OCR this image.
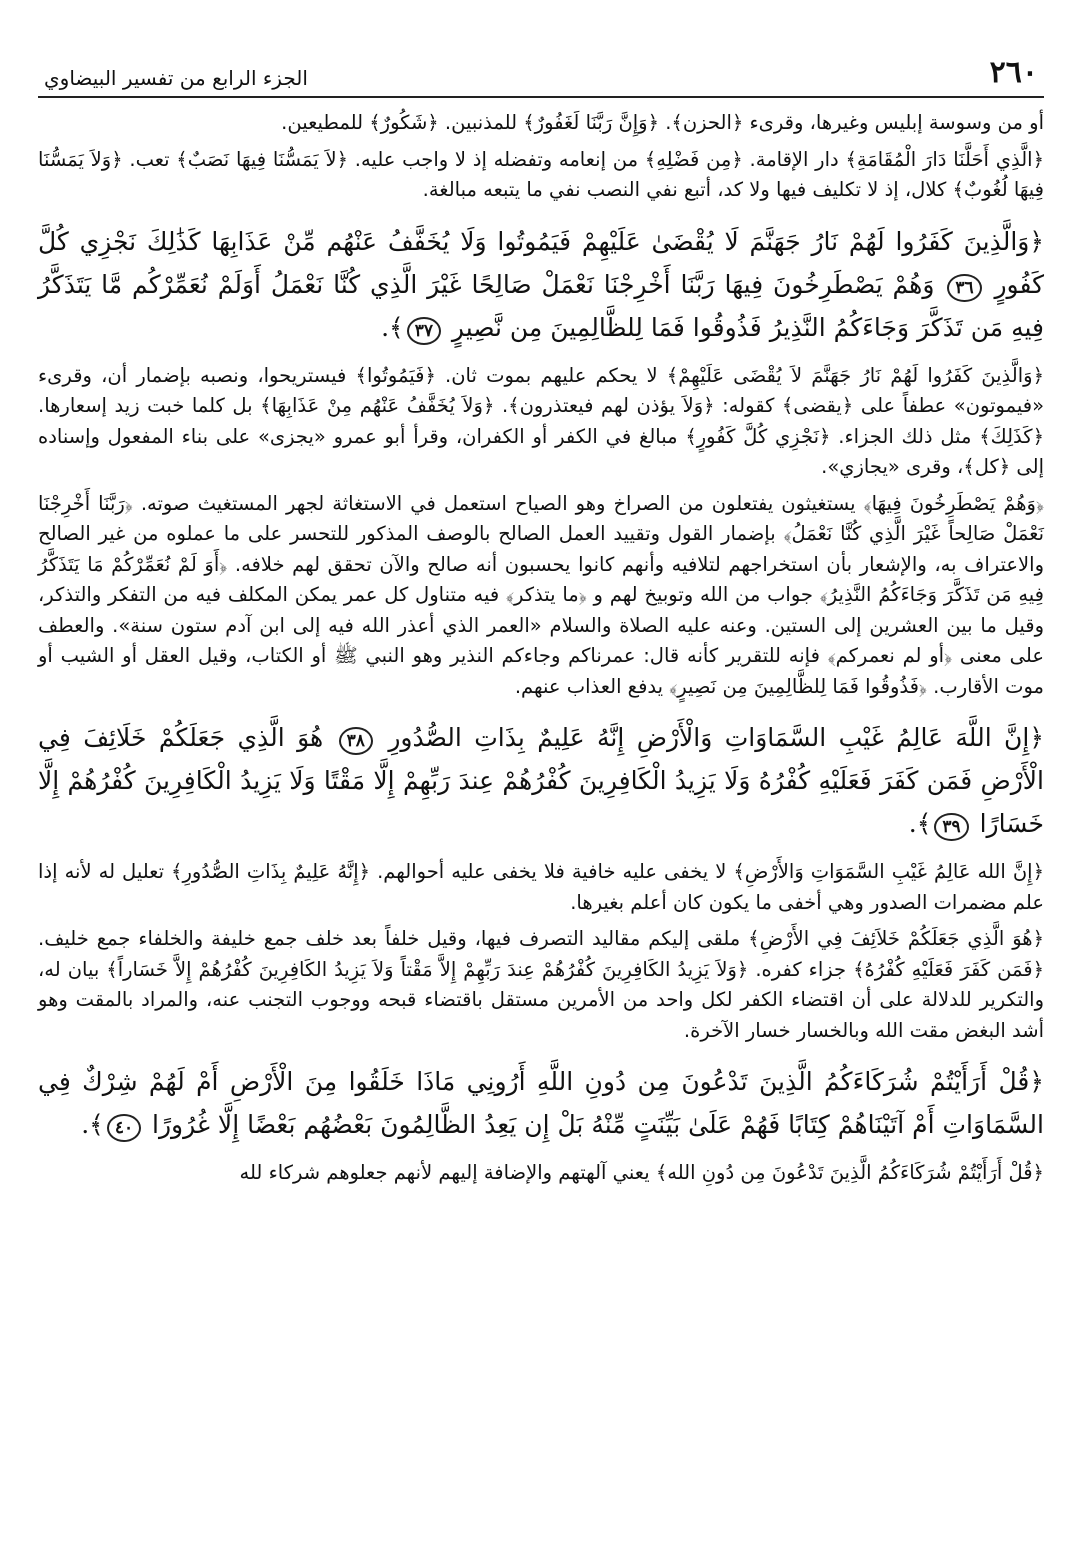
٢٦٠
الجزء الرابع من تفسير البيضاوي

أو من وسوسة إبليس وغيرها، وقرىء ﴿الحزن﴾. ﴿وَإِنَّ رَبَّنَا لَغَفُورٌ﴾ للمذنبين. ﴿شَكُورٌ﴾ للمطيعين.

﴿الَّذِي أَحَلَّنَا دَارَ الْمُقَامَةِ﴾ دار الإقامة. ﴿مِن فَضْلِهِ﴾ من إنعامه وتفضله إذ لا واجب عليه. ﴿لاَ يَمَسُّنَا فِيهَا نَصَبٌ﴾ تعب. ﴿وَلاَ يَمَسُّنَا فِيهَا لُغُوبٌ﴾ كلال، إذ لا تكليف فيها ولا كد، أتبع نفي النصب نفي ما يتبعه مبالغة.

﴿وَالَّذِينَ كَفَرُوا لَهُمْ نَارُ جَهَنَّمَ لَا يُقْضَىٰ عَلَيْهِمْ فَيَمُوتُوا وَلَا يُخَفَّفُ عَنْهُم مِّنْ عَذَابِهَا كَذَٰلِكَ نَجْزِي كُلَّ كَفُورٍ ٣٦ وَهُمْ يَصْطَرِخُونَ فِيهَا رَبَّنَا أَخْرِجْنَا نَعْمَلْ صَالِحًا غَيْرَ الَّذِي كُنَّا نَعْمَلُ أَوَلَمْ نُعَمِّرْكُم مَّا يَتَذَكَّرُ فِيهِ مَن تَذَكَّرَ وَجَاءَكُمُ النَّذِيرُ فَذُوقُوا فَمَا لِلظَّالِمِينَ مِن نَّصِيرٍ ٣٧﴾.

﴿وَالَّذِينَ كَفَرُوا لَهُمْ نَارُ جَهَنَّمَ لاَ يُقْضَى عَلَيْهِمْ﴾ لا يحكم عليهم بموت ثان. ﴿فَيَمُوتُوا﴾ فيستريحوا، ونصبه بإضمار أن، وقرىء «فيموتون» عطفاً على ﴿يقضى﴾ كقوله: ﴿وَلاَ يؤذن لهم فيعتذرون﴾. ﴿وَلاَ يُخَفَّفُ عَنْهُم مِنْ عَذَابِهَا﴾ بل كلما خبت زيد إسعارها. ﴿كَذَلِكَ﴾ مثل ذلك الجزاء. ﴿نَجْزِي كُلَّ كَفُورٍ﴾ مبالغ في الكفر أو الكفران، وقرأ أبو عمرو «يجزى» على بناء المفعول وإسناده إلى ﴿كل﴾، وقرى «يجازي».

﴿وَهُمْ يَصْطَرِخُونَ فِيهَا﴾ يستغيثون يفتعلون من الصراخ وهو الصياح استعمل في الاستغاثة لجهر المستغيث صوته. ﴿رَبَّنَا أَخْرِجْنَا نَعْمَلْ صَالِحاً غَيْرَ الَّذِي كُنَّا نَعْمَلُ﴾ بإضمار القول وتقييد العمل الصالح بالوصف المذكور للتحسر على ما عملوه من غير الصالح والاعتراف به، والإشعار بأن استخراجهم لتلافيه وأنهم كانوا يحسبون أنه صالح والآن تحقق لهم خلافه. ﴿أَوَ لَمْ نُعَمِّرْكُمْ مَا يَتَذَكَّرُ فِيهِ مَن تَذَكَّرَ وَجَاءَكُمُ النَّذِيرُ﴾ جواب من الله وتوبيخ لهم و ﴿ما يتذكر﴾ فيه متناول كل عمر يمكن المكلف فيه من التفكر والتذكر، وقيل ما بين العشرين إلى الستين. وعنه عليه الصلاة والسلام «العمر الذي أعذر الله فيه إلى ابن آدم ستون سنة». والعطف على معنى ﴿أو لم نعمركم﴾ فإنه للتقرير كأنه قال: عمرناكم وجاءكم النذير وهو النبي ﷺ أو الكتاب، وقيل العقل أو الشيب أو موت الأقارب. ﴿فَذُوقُوا فَمَا لِلظَّالِمِينَ مِن نَصِيرٍ﴾ يدفع العذاب عنهم.

﴿إِنَّ اللَّهَ عَالِمُ غَيْبِ السَّمَاوَاتِ وَالْأَرْضِ إِنَّهُ عَلِيمٌ بِذَاتِ الصُّدُورِ ٣٨ هُوَ الَّذِي جَعَلَكُمْ خَلَائِفَ فِي الْأَرْضِ فَمَن كَفَرَ فَعَلَيْهِ كُفْرُهُ وَلَا يَزِيدُ الْكَافِرِينَ كُفْرُهُمْ عِندَ رَبِّهِمْ إِلَّا مَقْتًا وَلَا يَزِيدُ الْكَافِرِينَ كُفْرُهُمْ إِلَّا خَسَارًا ٣٩﴾.

﴿إِنَّ الله عَالِمُ غَيْبِ السَّمَوَاتِ وَالأَرْضِ﴾ لا يخفى عليه خافية فلا يخفى عليه أحوالهم. ﴿إِنَّهُ عَلِيمٌ بِذَاتِ الصُّدُورِ﴾ تعليل له لأنه إذا علم مضمرات الصدور وهي أخفى ما يكون كان أعلم بغيرها.

﴿هُوَ الَّذِي جَعَلَكُمْ خَلاَئِفَ فِي الأَرْضِ﴾ ملقى إليكم مقاليد التصرف فيها، وقيل خلفاً بعد خلف جمع خليفة والخلفاء جمع خليف. ﴿فَمَن كَفَرَ فَعَلَيْهِ كُفْرُهُ﴾ جزاء كفره. ﴿وَلاَ يَزِيدُ الكَافِرِينَ كُفْرُهُمْ عِندَ رَبِّهِمْ إِلاَّ مَقْتاً وَلاَ يَزِيدُ الكَافِرِينَ كُفْرُهُمْ إِلاَّ خَسَاراً﴾ بيان له، والتكرير للدلالة على أن اقتضاء الكفر لكل واحد من الأمرين مستقل باقتضاء قبحه ووجوب التجنب عنه، والمراد بالمقت وهو أشد البغض مقت الله وبالخسار خسار الآخرة.

﴿قُلْ أَرَأَيْتُمْ شُرَكَاءَكُمُ الَّذِينَ تَدْعُونَ مِن دُونِ اللَّهِ أَرُونِي مَاذَا خَلَقُوا مِنَ الْأَرْضِ أَمْ لَهُمْ شِرْكٌ فِي السَّمَاوَاتِ أَمْ آتَيْنَاهُمْ كِتَابًا فَهُمْ عَلَىٰ بَيِّنَتٍ مِّنْهُ بَلْ إِن يَعِدُ الظَّالِمُونَ بَعْضُهُم بَعْضًا إِلَّا غُرُورًا ٤٠﴾.

﴿قُلْ أَرَأَيْتُمْ شُرَكَاءَكُمُ الَّذِينَ تَدْعُونَ مِن دُونِ الله﴾ يعني آلهتهم والإضافة إليهم لأنهم جعلوهم شركاء لله
